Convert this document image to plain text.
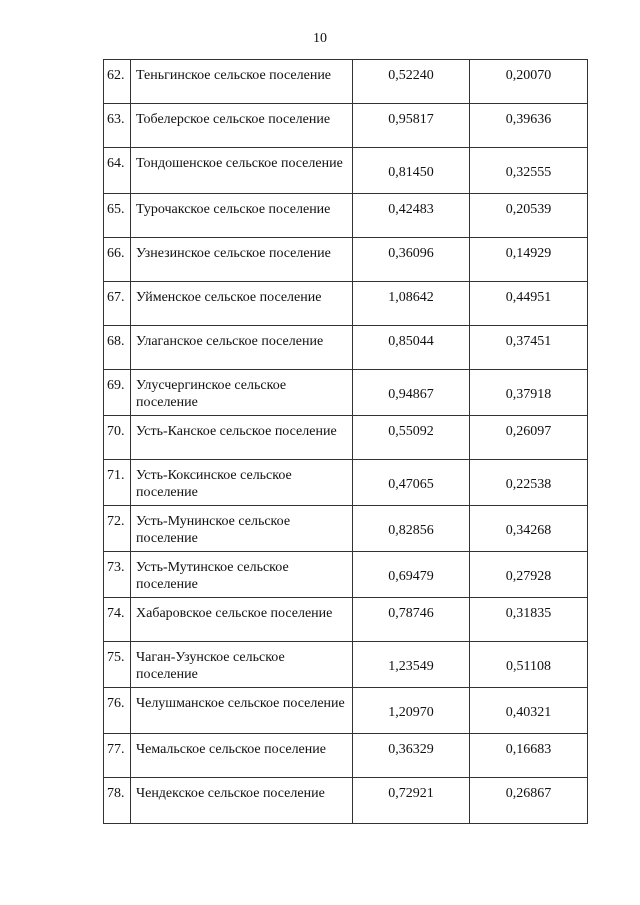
10
62.	Теньгинское сельское поселение	0,52240	0,20070
63.	Тобелерское сельское поселение	0,95817	0,39636
64.	Тондошенское сельское поселение	0,81450	0,32555
65.	Турочакское сельское поселение	0,42483	0,20539
66.	Узнезинское сельское поселение	0,36096	0,14929
67.	Уйменское сельское поселение	1,08642	0,44951
68.	Улаганское сельское поселение	0,85044	0,37451
69.	Улусчергинское сельское поселение	0,94867	0,37918
70.	Усть-Канское сельское поселение	0,55092	0,26097
71.	Усть-Коксинское сельское поселение	0,47065	0,22538
72.	Усть-Мунинское сельское поселение	0,82856	0,34268
73.	Усть-Мутинское сельское поселение	0,69479	0,27928
74.	Хабаровское сельское поселение	0,78746	0,31835
75.	Чаган-Узунское сельское поселение	1,23549	0,51108
76.	Челушманское сельское поселение	1,20970	0,40321
77.	Чемальское сельское поселение	0,36329	0,16683
78.	Чендекское сельское поселение	0,72921	0,26867
